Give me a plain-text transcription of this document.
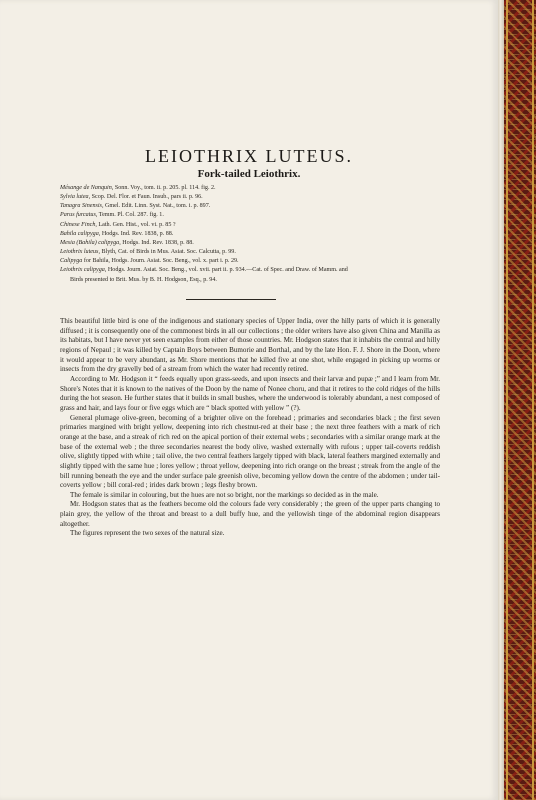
LEIOTHRIX LUTEUS.
Fork-tailed Leiothrix.
Mésange de Nanquin, Sonn. Voy., tom. ii. p. 205. pl. 114. fig. 2.
Sylvia lutea, Scop. Del. Flor. et Faun. Insub., pars ii. p. 96.
Tanagra Sinensis, Gmel. Edit. Linn. Syst. Nat., tom. i. p. 897.
Parus furcatus, Temm. Pl. Col. 287. fig. 1.
Chinese Finch, Lath. Gen. Hist., vol. vi. p. 85 ?
Bahila calipyga, Hodgs. Ind. Rev. 1838, p. 88.
Mesia (Bahila) calipyga, Hodgs. Ind. Rev. 1838, p. 88.
Leiothrix luteus, Blyth, Cat. of Birds in Mus. Asiat. Soc. Calcutta, p. 99.
Calipyga for Bahila, Hodgs. Journ. Asiat. Soc. Beng., vol. x. part i. p. 29.
Leiothrix calipyga, Hodgs. Journ. Asiat. Soc. Beng., vol. xvii. part ii. p. 934.—Cat. of Spec. and Draw. of Mamm. and
Birds presented to Brit. Mus. by B. H. Hodgson, Esq., p. 94.

This beautiful little bird is one of the indigenous and stationary species of Upper India, over the hilly parts of which it is generally diffused ; it is consequently one of the commonest birds in all our collections ; the older writers have also given China and Manilla as its habitats, but I have never yet seen examples from either of those countries. Mr. Hodgson states that it inhabits the central and hilly regions of Nepaul ; it was killed by Captain Boys between Bumorie and Borthal, and by the late Hon. F. J. Shore in the Doon, where it would appear to be very abundant, as Mr. Shore mentions that he killed five at one shot, while engaged in picking up worms or insects from the dry gravelly bed of a stream from which the water had recently retired.

According to Mr. Hodgson it “ feeds equally upon grass-seeds, and upon insects and their larvæ and pupæ ;” and I learn from Mr. Shore's Notes that it is known to the natives of the Doon by the name of Nonee choru, and that it retires to the cold ridges of the hills during the hot season. He further states that it builds in small bushes, where the underwood is tolerably abundant, a nest composed of grass and hair, and lays four or five eggs which are “ black spotted with yellow ” (?).

General plumage olive-green, becoming of a brighter olive on the forehead ; primaries and secondaries black ; the first seven primaries margined with bright yellow, deepening into rich chestnut-red at their base ; the next three feathers with a mark of rich orange at the base, and a streak of rich red on the apical portion of their external webs ; secondaries with a similar orange mark at the base of the external web ; the three secondaries nearest the body olive, washed externally with rufous ; upper tail-coverts reddish olive, slightly tipped with white ; tail olive, the two central feathers largely tipped with black, lateral feathers margined externally and slightly tipped with the same hue ; lores yellow ; throat yellow, deepening into rich orange on the breast ; streak from the angle of the bill running beneath the eye and the under surface pale greenish olive, becoming yellow down the centre of the abdomen ; under tail-coverts yellow ; bill coral-red ; irides dark brown ; legs fleshy brown.

The female is similar in colouring, but the hues are not so bright, nor the markings so decided as in the male.

Mr. Hodgson states that as the feathers become old the colours fade very considerably ; the green of the upper parts changing to plain grey, the yellow of the throat and breast to a dull buffy hue, and the yellowish tinge of the abdominal region disappears altogether.

The figures represent the two sexes of the natural size.
